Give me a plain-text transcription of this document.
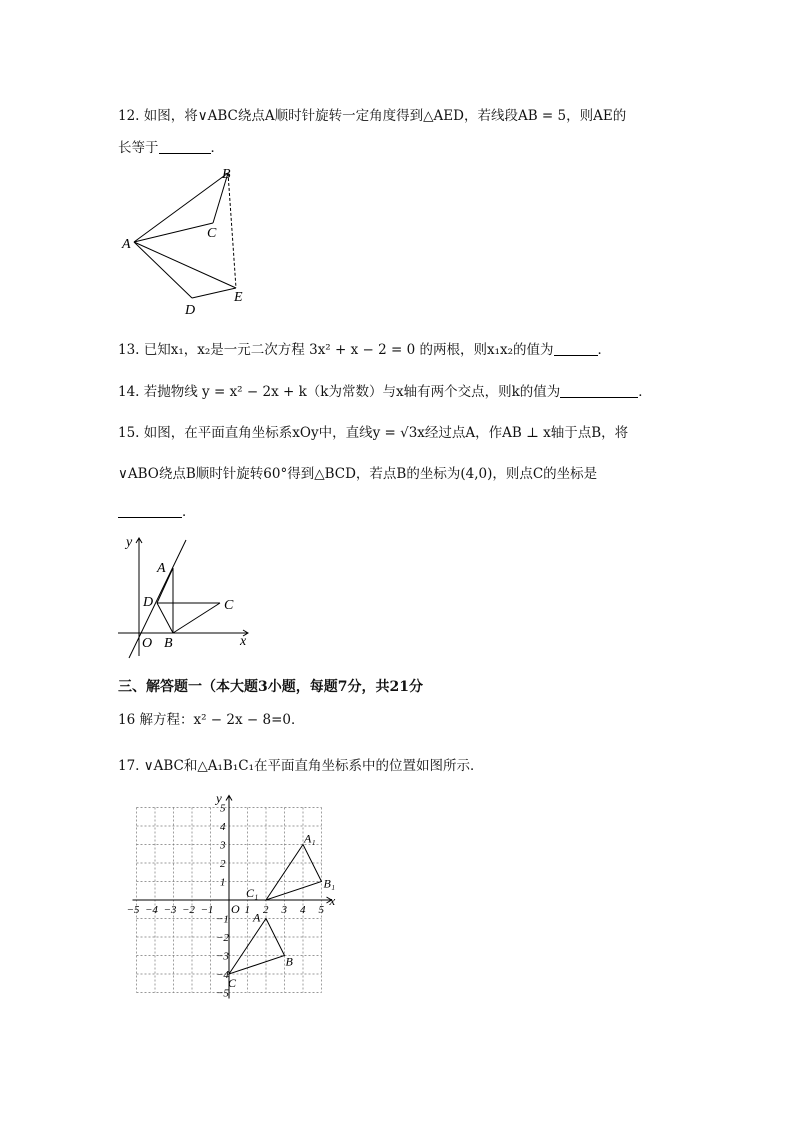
12. 如图，将∨ABC绕点A顺时针旋转一定角度得到△AED，若线段AB = 5，则AE的
长等于	．
A
B
C
D
E
13. 已知x₁，x₂是一元二次方程 3x² + x − 2 = 0 的两根，则x₁x₂的值为	．
14. 若抛物线 y = x² − 2x + k（k为常数）与x轴有两个交点，则k的值为	．
15. 如图，在平面直角坐标系xOy中，直线y = √3x经过点A，作AB ⊥ x轴于点B，将
∨ABO绕点B顺时针旋转60°得到△BCD，若点B的坐标为(4,0)，则点C的坐标是
．
y
x
A
B
C
D
O
三、解答题一（本大题3小题，每题7分，共21分
16 解方程：x² − 2x − 8=0．
17. ∨ABC和△A₁B₁C₁在平面直角坐标系中的位置如图所示．
y
x
O
−5 −4 −3 −2 −1	1 2 3 4 5
5
4
3
2
1
−1
−2
−3
−4
−5
A₁
B₁
C₁
A
B
C
